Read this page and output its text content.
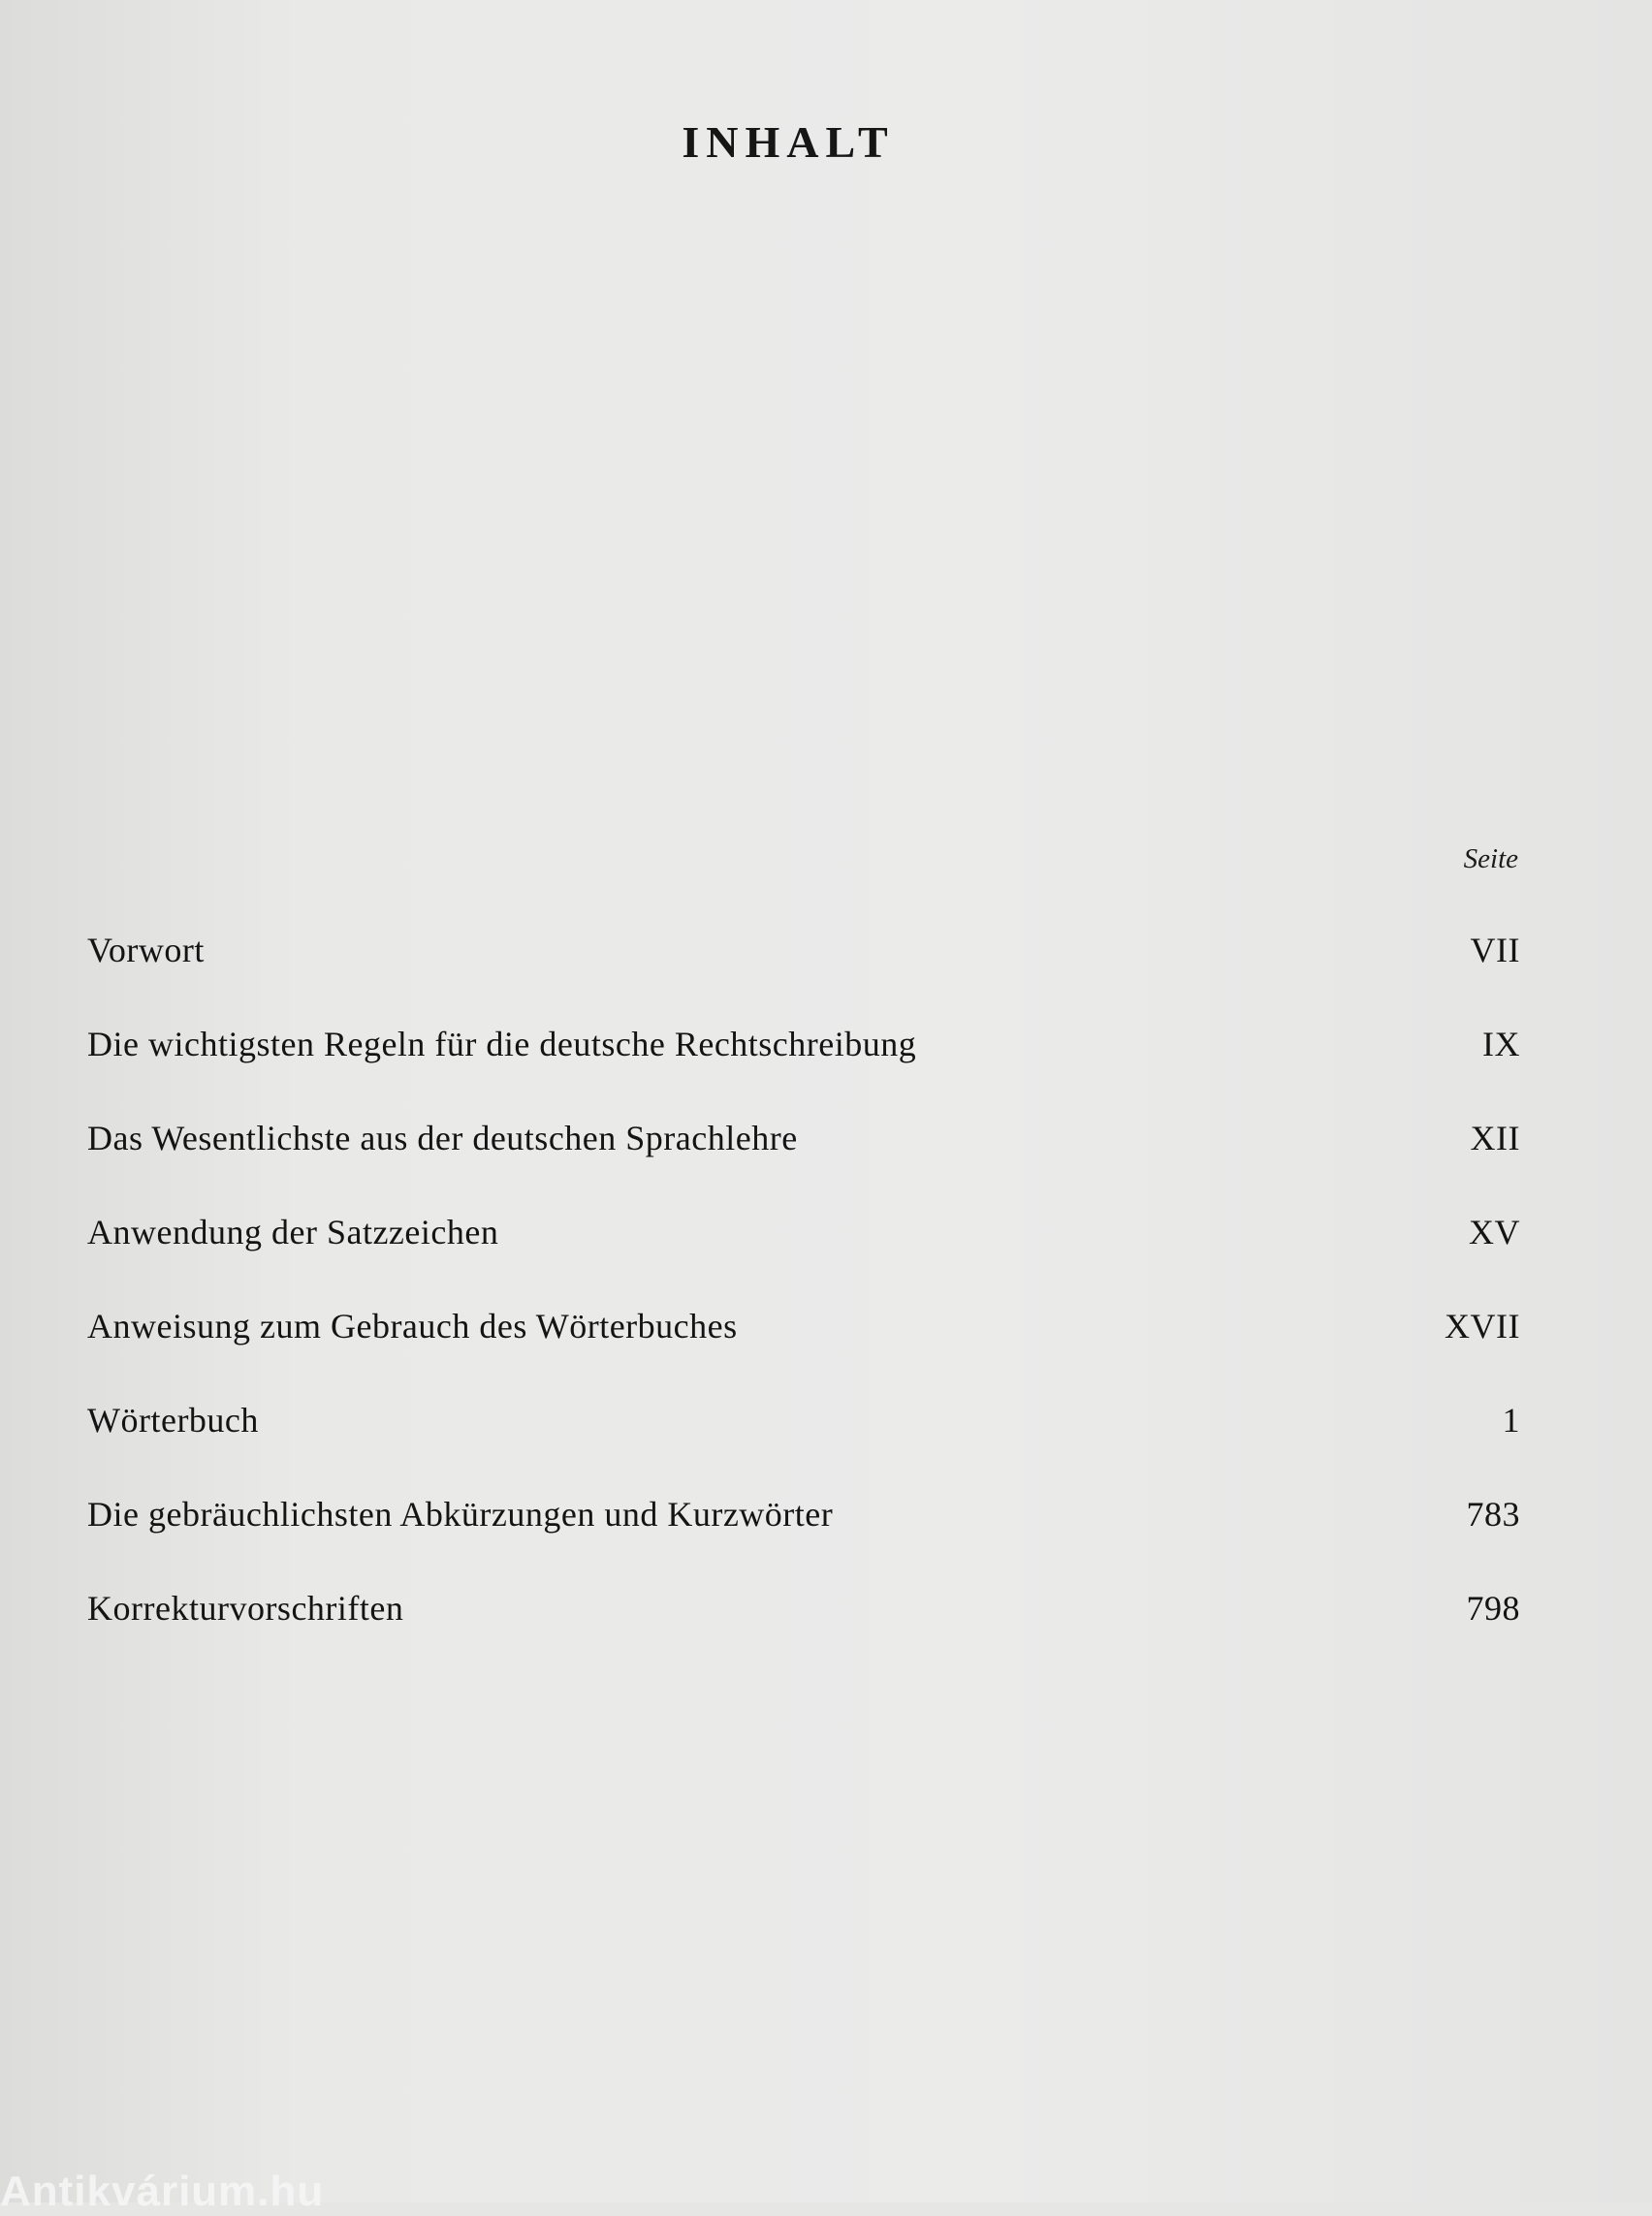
INHALT
Seite
Vorwort	VII
Die wichtigsten Regeln für die deutsche Rechtschreibung	IX
Das Wesentlichste aus der deutschen Sprachlehre	XII
Anwendung der Satzzeichen	XV
Anweisung zum Gebrauch des Wörterbuches	XVII
Wörterbuch	1
Die gebräuchlichsten Abkürzungen und Kurzwörter	783
Korrekturvorschriften	798
Antikvárium.hu
